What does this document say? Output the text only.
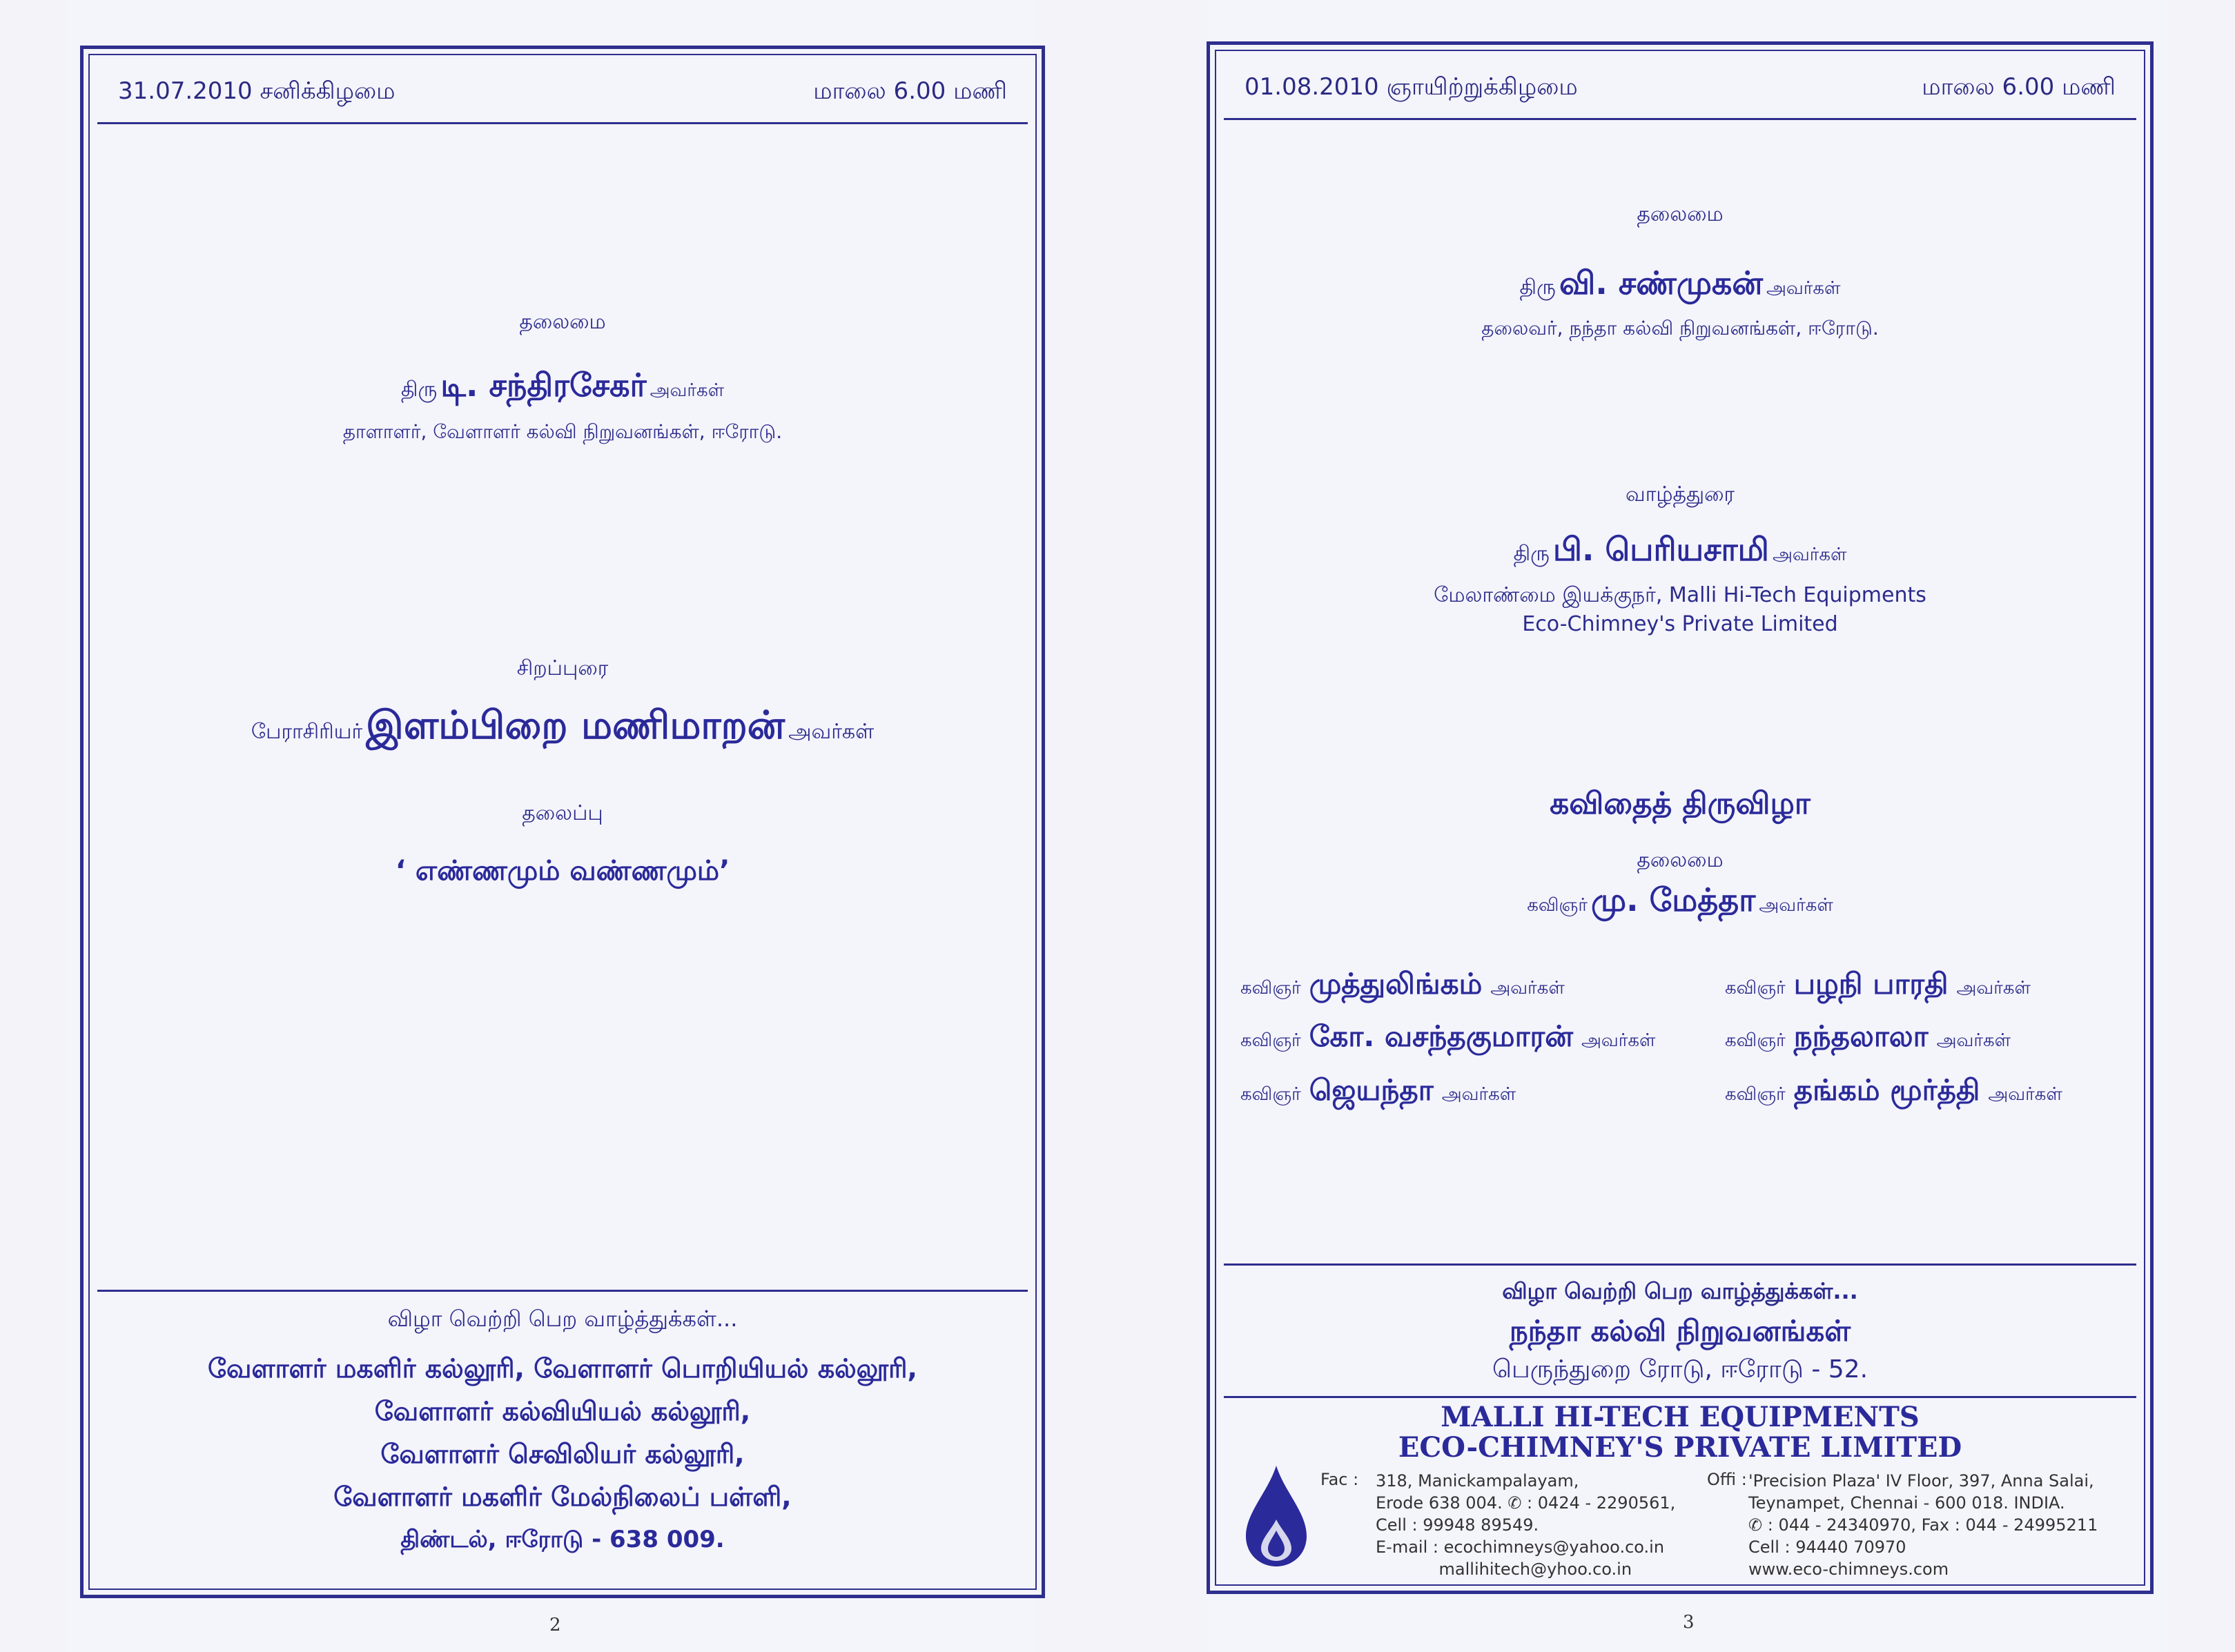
31.07.2010 சனிக்கிழமை	மாலை 6.00 மணி
தலைமை
திரு டி. சந்திரசேகர் அவர்கள்
தாளாளர், வேளாளர் கல்வி நிறுவனங்கள், ஈரோடு.
சிறப்புரை
பேராசிரியர் இளம்பிறை மணிமாறன் அவர்கள்
தலைப்பு
‘ எண்ணமும் வண்ணமும்’
விழா வெற்றி பெற வாழ்த்துக்கள்...
வேளாளர் மகளிர் கல்லூரி, வேளாளர் பொறியியல் கல்லூரி,
வேளாளர் கல்வியியல் கல்லூரி,
வேளாளர் செவிலியர் கல்லூரி,
வேளாளர் மகளிர் மேல்நிலைப் பள்ளி,
திண்டல், ஈரோடு - 638 009.
2
01.08.2010 ஞாயிற்றுக்கிழமை	மாலை 6.00 மணி
தலைமை
திரு வி. சண்முகன் அவர்கள்
தலைவர், நந்தா கல்வி நிறுவனங்கள், ஈரோடு.
வாழ்த்துரை
திரு பி. பெரியசாமி அவர்கள்
மேலாண்மை இயக்குநர், Malli Hi-Tech Equipments
Eco-Chimney's Private Limited
கவிதைத் திருவிழா
தலைமை
கவிஞர் மு. மேத்தா அவர்கள்
கவிஞர் முத்துலிங்கம் அவர்கள்
கவிஞர் கோ. வசந்தகுமாரன் அவர்கள்
கவிஞர் ஜெயந்தா அவர்கள்
கவிஞர் பழநி பாரதி அவர்கள்
கவிஞர் நந்தலாலா அவர்கள்
கவிஞர் தங்கம் மூர்த்தி அவர்கள்
விழா வெற்றி பெற வாழ்த்துக்கள்...
நந்தா கல்வி நிறுவனங்கள்
பெருந்துறை ரோடு, ஈரோடு - 52.
MALLI HI-TECH EQUIPMENTS
ECO-CHIMNEY'S PRIVATE LIMITED
Fac : 318, Manickampalayam,
Erode 638 004. ✆ : 0424 - 2290561,
Cell : 99948 89549.
E-mail : ecochimneys@yahoo.co.in
mallihitech@yhoo.co.in
Offi : 'Precision Plaza' IV Floor, 397, Anna Salai,
Teynampet, Chennai - 600 018. INDIA.
✆ : 044 - 24340970, Fax : 044 - 24995211
Cell : 94440 70970
www.eco-chimneys.com
3
